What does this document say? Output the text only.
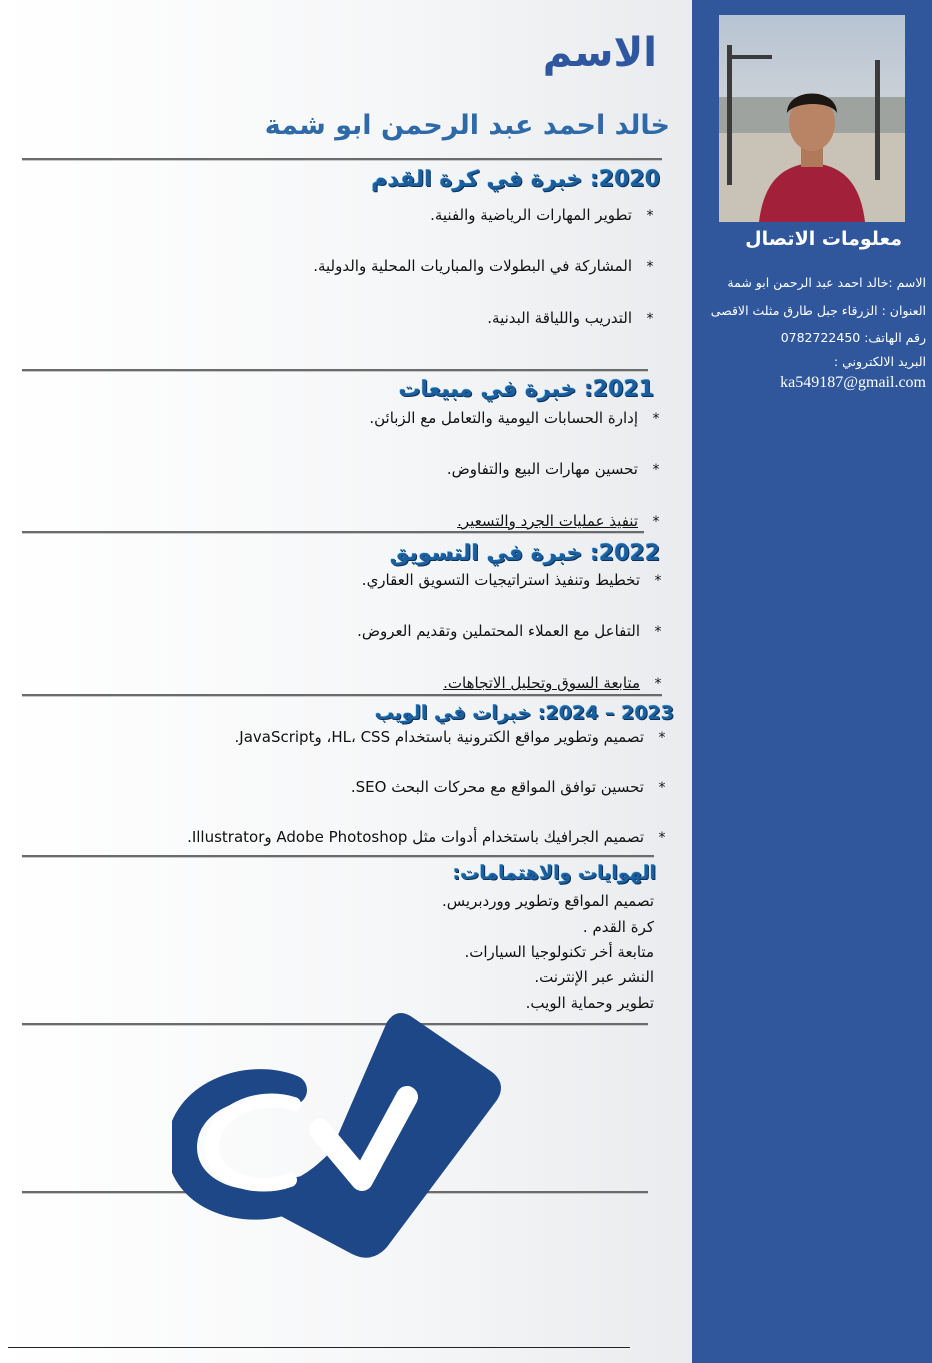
معلومات الاتصال
الاسم :خالد احمد عبد الرحمن ابو شمة
العنوان : الزرقاء جبل طارق مثلث الاقصى
رقم الهاتف: 0782722450
البريد الالكتروني :
ka549187@gmail.com
الاسم
خالد احمد عبد الرحمن ابو شمة
2020: خبرة في كرة القدم
*تطوير المهارات الرياضية والفنية.
*المشاركة في البطولات والمباريات المحلية والدولية.
*التدريب واللياقة البدنية.
2021: خبرة في مبيعات
*إدارة الحسابات اليومية والتعامل مع الزبائن.
*تحسين مهارات البيع والتفاوض.
*تنفيذ عمليات الجرد والتسعير.
2022: خبرة في التسويق
*تخطيط وتنفيذ استراتيجيات التسويق العقاري.
*التفاعل مع العملاء المحتملين وتقديم العروض.
*متابعة السوق وتحليل الاتجاهات.
2023 – 2024: خبرات في الويب
*تصميم وتطوير مواقع الكترونية باستخدام HL، CSS، وJavaScript.
*تحسين توافق المواقع مع محركات البحث SEO.
*تصميم الجرافيك باستخدام أدوات مثل Adobe Photoshop وIllustrator.
الهوايات والاهتمامات:
تصميم المواقع وتطوير ووردبريس.
كرة القدم .
متابعة أخر تكنولوجيا السيارات.
النشر عبر الإنترنت.
تطوير وحماية الويب.
